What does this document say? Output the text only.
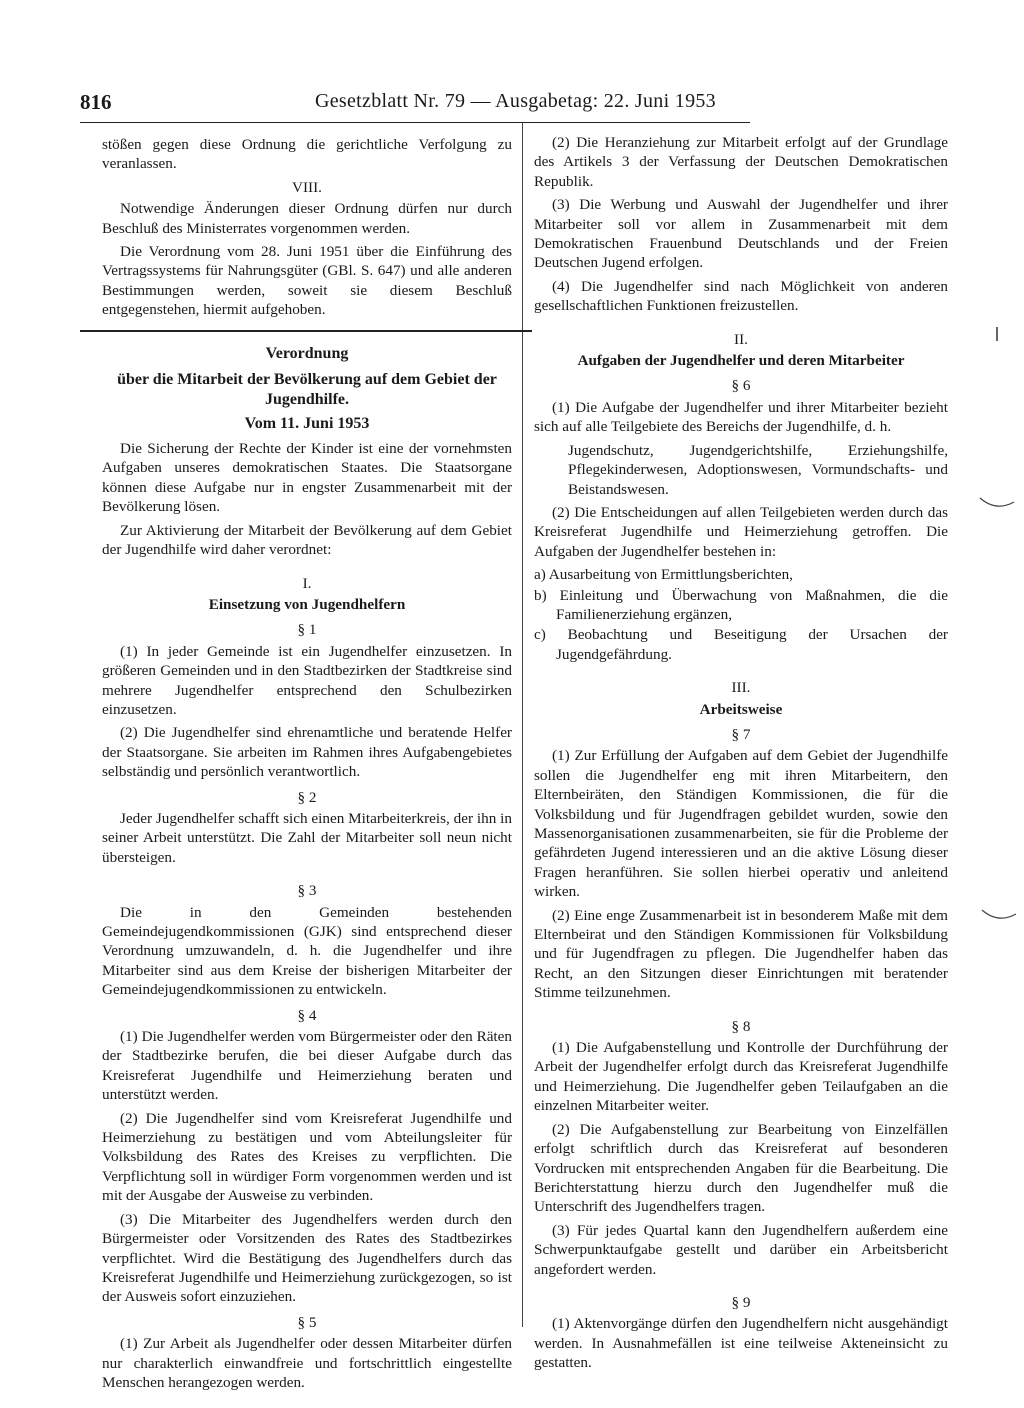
816	Gesetzblatt Nr. 79 — Ausgabetag: 22. Juni 1953

stößen gegen diese Ordnung die gerichtliche Verfolgung zu veranlassen.

VIII.

Notwendige Änderungen dieser Ordnung dürfen nur durch Beschluß des Ministerrates vorgenommen werden.

Die Verordnung vom 28. Juni 1951 über die Einführung des Vertragssystems für Nahrungsgüter (GBl. S. 647) und alle anderen Bestimmungen werden, soweit sie diesem Beschluß entgegenstehen, hiermit aufgehoben.

Verordnung

über die Mitarbeit der Bevölkerung auf dem Gebiet der Jugendhilfe.

Vom 11. Juni 1953

Die Sicherung der Rechte der Kinder ist eine der vornehmsten Aufgaben unseres demokratischen Staates. Die Staatsorgane können diese Aufgabe nur in engster Zusammenarbeit mit der Bevölkerung lösen.

Zur Aktivierung der Mitarbeit der Bevölkerung auf dem Gebiet der Jugendhilfe wird daher verordnet:

I.

Einsetzung von Jugendhelfern

§ 1

(1) In jeder Gemeinde ist ein Jugendhelfer einzusetzen. In größeren Gemeinden und in den Stadtbezirken der Stadtkreise sind mehrere Jugendhelfer entsprechend den Schulbezirken einzusetzen.

(2) Die Jugendhelfer sind ehrenamtliche und beratende Helfer der Staatsorgane. Sie arbeiten im Rahmen ihres Aufgabengebietes selbständig und persönlich verantwortlich.

§ 2

Jeder Jugendhelfer schafft sich einen Mitarbeiterkreis, der ihn in seiner Arbeit unterstützt. Die Zahl der Mitarbeiter soll neun nicht übersteigen.

§ 3

Die in den Gemeinden bestehenden Gemeindejugendkommissionen (GJK) sind entsprechend dieser Verordnung umzuwandeln, d. h. die Jugendhelfer und ihre Mitarbeiter sind aus dem Kreise der bisherigen Mitarbeiter der Gemeindejugendkommissionen zu entwickeln.

§ 4

(1) Die Jugendhelfer werden vom Bürgermeister oder den Räten der Stadtbezirke berufen, die bei dieser Aufgabe durch das Kreisreferat Jugendhilfe und Heimerziehung beraten und unterstützt werden.

(2) Die Jugendhelfer sind vom Kreisreferat Jugendhilfe und Heimerziehung zu bestätigen und vom Abteilungsleiter für Volksbildung des Rates des Kreises zu verpflichten. Die Verpflichtung soll in würdiger Form vorgenommen werden und ist mit der Ausgabe der Ausweise zu verbinden.

(3) Die Mitarbeiter des Jugendhelfers werden durch den Bürgermeister oder Vorsitzenden des Rates des Stadtbezirkes verpflichtet. Wird die Bestätigung des Jugendhelfers durch das Kreisreferat Jugendhilfe und Heimerziehung zurückgezogen, so ist der Ausweis sofort einzuziehen.

§ 5

(1) Zur Arbeit als Jugendhelfer oder dessen Mitarbeiter dürfen nur charakterlich einwandfreie und fortschrittlich eingestellte Menschen herangezogen werden.

(2) Die Heranziehung zur Mitarbeit erfolgt auf der Grundlage des Artikels 3 der Verfassung der Deutschen Demokratischen Republik.

(3) Die Werbung und Auswahl der Jugendhelfer und ihrer Mitarbeiter soll vor allem in Zusammenarbeit mit dem Demokratischen Frauenbund Deutschlands und der Freien Deutschen Jugend erfolgen.

(4) Die Jugendhelfer sind nach Möglichkeit von anderen gesellschaftlichen Funktionen freizustellen.

II.

Aufgaben der Jugendhelfer und deren Mitarbeiter

§ 6

(1) Die Aufgabe der Jugendhelfer und ihrer Mitarbeiter bezieht sich auf alle Teilgebiete des Bereichs der Jugendhilfe, d. h.

Jugendschutz, Jugendgerichtshilfe, Erziehungshilfe, Pflegekinderwesen, Adoptionswesen, Vormundschafts- und Beistandswesen.

(2) Die Entscheidungen auf allen Teilgebieten werden durch das Kreisreferat Jugendhilfe und Heimerziehung getroffen. Die Aufgaben der Jugendhelfer bestehen in:

a) Ausarbeitung von Ermittlungsberichten,

b) Einleitung und Überwachung von Maßnahmen, die die Familienerziehung ergänzen,

c) Beobachtung und Beseitigung der Ursachen der Jugendgefährdung.

III.

Arbeitsweise

§ 7

(1) Zur Erfüllung der Aufgaben auf dem Gebiet der Jugendhilfe sollen die Jugendhelfer eng mit ihren Mitarbeitern, den Elternbeiräten, den Ständigen Kommissionen, die für die Volksbildung und für Jugendfragen gebildet wurden, sowie den Massenorganisationen zusammenarbeiten, sie für die Probleme der gefährdeten Jugend interessieren und an die aktive Lösung dieser Fragen heranführen. Sie sollen hierbei operativ und anleitend wirken.

(2) Eine enge Zusammenarbeit ist in besonderem Maße mit dem Elternbeirat und den Ständigen Kommissionen für Volksbildung und für Jugendfragen zu pflegen. Die Jugendhelfer haben das Recht, an den Sitzungen dieser Einrichtungen mit beratender Stimme teilzunehmen.

§ 8

(1) Die Aufgabenstellung und Kontrolle der Durchführung der Arbeit der Jugendhelfer erfolgt durch das Kreisreferat Jugendhilfe und Heimerziehung. Die Jugendhelfer geben Teilaufgaben an die einzelnen Mitarbeiter weiter.

(2) Die Aufgabenstellung zur Bearbeitung von Einzelfällen erfolgt schriftlich durch das Kreisreferat auf besonderen Vordrucken mit entsprechenden Angaben für die Bearbeitung. Die Berichterstattung hierzu durch den Jugendhelfer muß die Unterschrift des Jugendhelfers tragen.

(3) Für jedes Quartal kann den Jugendhelfern außerdem eine Schwerpunktaufgabe gestellt und darüber ein Arbeitsbericht angefordert werden.

§ 9

(1) Aktenvorgänge dürfen den Jugendhelfern nicht ausgehändigt werden. In Ausnahmefällen ist eine teilweise Akteneinsicht zu gestatten.
